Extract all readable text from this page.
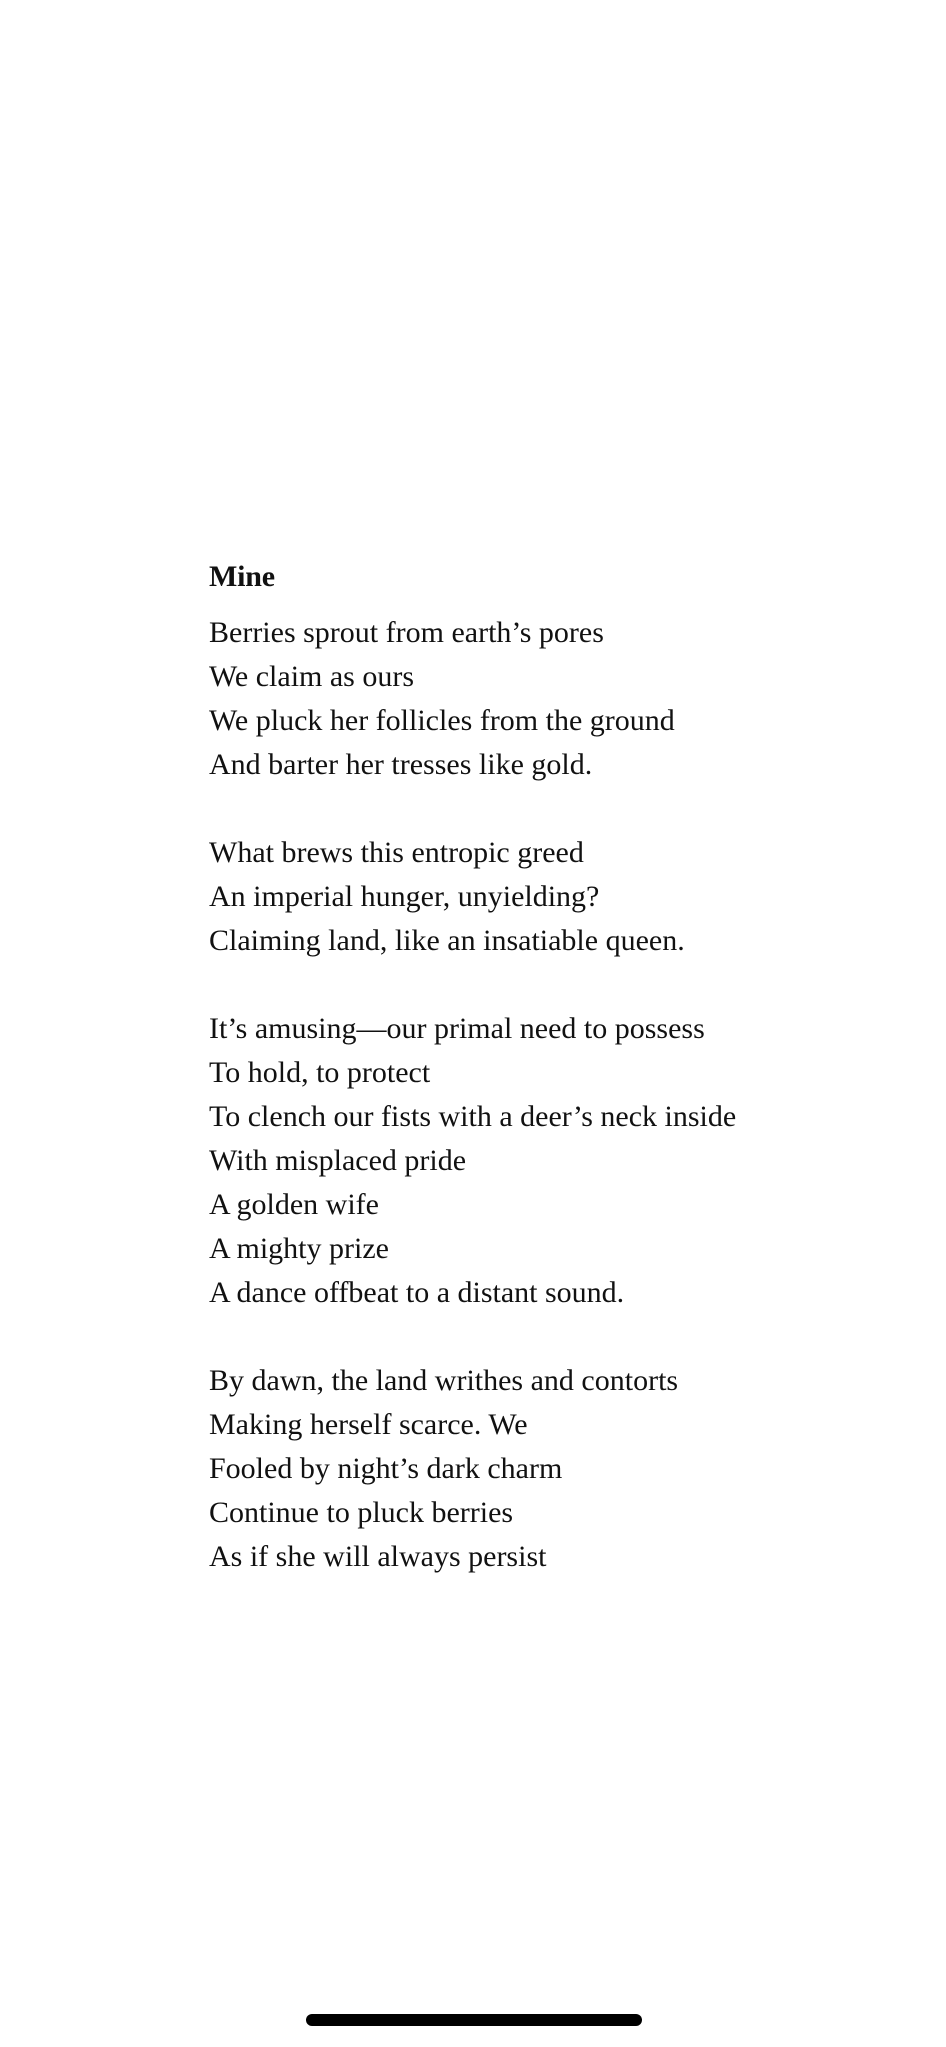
Mine
Berries sprout from earth’s pores
We claim as ours
We pluck her follicles from the ground
And barter her tresses like gold.
What brews this entropic greed
An imperial hunger, unyielding?
Claiming land, like an insatiable queen.
It’s amusing—our primal need to possess
To hold, to protect
To clench our fists with a deer’s neck inside
With misplaced pride
A golden wife
A mighty prize
A dance offbeat to a distant sound.
By dawn, the land writhes and contorts
Making herself scarce. We
Fooled by night’s dark charm
Continue to pluck berries
As if she will always persist
